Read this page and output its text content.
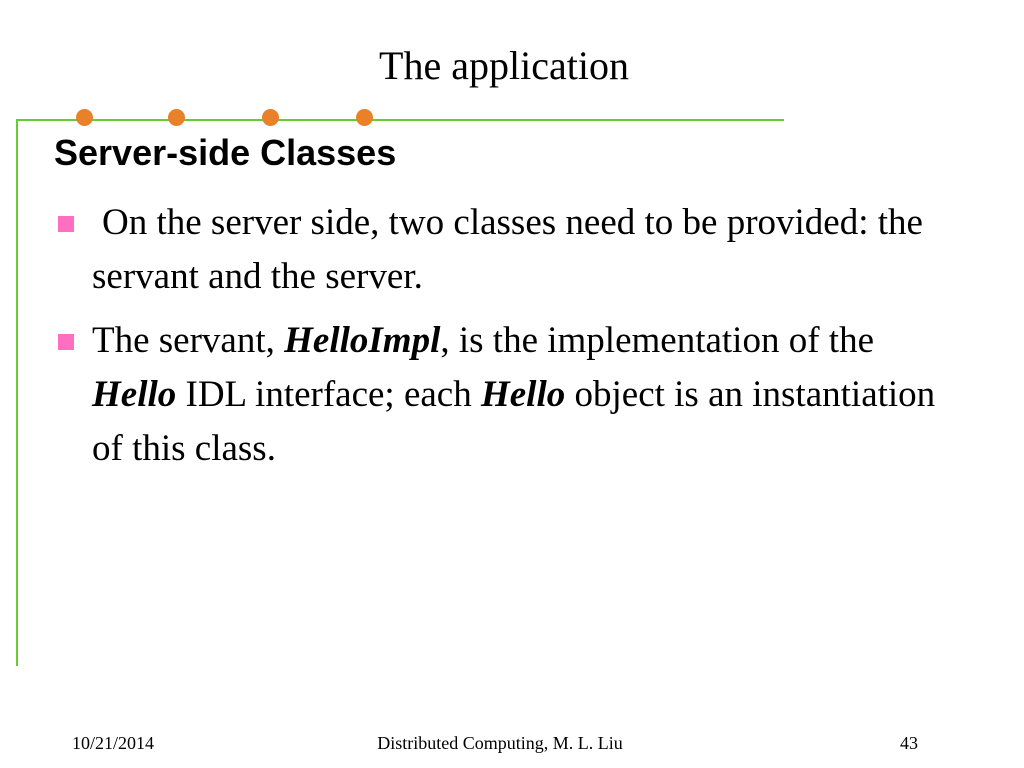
The application
Server-side Classes
On the server side, two classes need to be provided: the servant and the server.
The servant, HelloImpl, is the implementation of the Hello IDL interface; each Hello object is an instantiation of this class.
10/21/2014	Distributed Computing, M. L. Liu	43
